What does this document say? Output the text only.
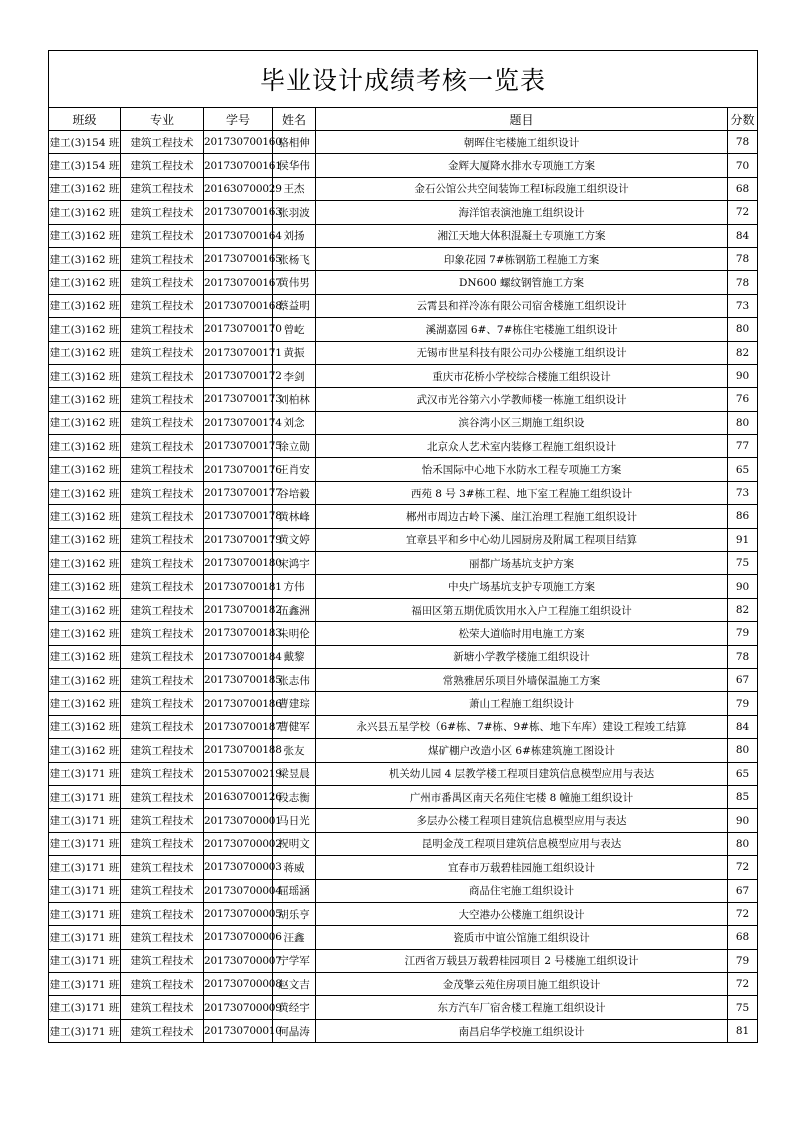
毕业设计成绩考核一览表					
班级	专业	学号	姓名	题目	分数
建工(3)154 班	建筑工程技术	201730700160	骆相伸	朝晖住宅楼施工组织设计	78
建工(3)154 班	建筑工程技术	201730700161	侯华伟	金辉大厦降水排水专项施工方案	70
建工(3)162 班	建筑工程技术	201630700029	王杰	金石公馆公共空间装饰工程Ⅰ标段施工组织设计	68
建工(3)162 班	建筑工程技术	201730700163	张羽波	海洋馆表演池施工组织设计	72
建工(3)162 班	建筑工程技术	201730700164	刘扬	湘江天地大体积混凝土专项施工方案	84
建工(3)162 班	建筑工程技术	201730700165	张杨飞	印象花园 7#栋钢筋工程施工方案	78
建工(3)162 班	建筑工程技术	201730700167	黄伟男	DN600 螺纹钢管施工方案	78
建工(3)162 班	建筑工程技术	201730700168	蔡益明	云霄县和祥冷冻有限公司宿舍楼施工组织设计	73
建工(3)162 班	建筑工程技术	201730700170	曾屹	溪湖嘉园 6#、7#栋住宅楼施工组织设计	80
建工(3)162 班	建筑工程技术	201730700171	黄振	无锡市世星科技有限公司办公楼施工组织设计	82
建工(3)162 班	建筑工程技术	201730700172	李剑	重庆市花桥小学校综合楼施工组织设计	90
建工(3)162 班	建筑工程技术	201730700173	刘柏林	武汉市光谷第六小学教师楼一栋施工组织设计	76
建工(3)162 班	建筑工程技术	201730700174	刘念	滨谷湾小区三期施工组织设	80
建工(3)162 班	建筑工程技术	201730700175	徐立勋	北京众人艺术室内装修工程施工组织设计	77
建工(3)162 班	建筑工程技术	201730700176	王肖安	怡禾国际中心地下水防水工程专项施工方案	65
建工(3)162 班	建筑工程技术	201730700177	谷培毅	西苑 8 号 3#栋工程、地下室工程施工组织设计	73
建工(3)162 班	建筑工程技术	201730700178	黄林峰	郴州市周边古岭下溪、崖江治理工程施工组织设计	86
建工(3)162 班	建筑工程技术	201730700179	黄文婷	宜章县平和乡中心幼儿园厨房及附属工程项目结算	91
建工(3)162 班	建筑工程技术	201730700180	宋鸿宇	丽都广场基坑支护方案	75
建工(3)162 班	建筑工程技术	201730700181	方伟	中央广场基坑支护专项施工方案	90
建工(3)162 班	建筑工程技术	201730700182	伍鑫洲	福田区第五期优质饮用水入户工程施工组织设计	82
建工(3)162 班	建筑工程技术	201730700183	朱明伦	松荣大道临时用电施工方案	79
建工(3)162 班	建筑工程技术	201730700184	戴黎	新塘小学教学楼施工组织设计	78
建工(3)162 班	建筑工程技术	201730700185	张志伟	常熟雅居乐项目外墙保温施工方案	67
建工(3)162 班	建筑工程技术	201730700186	曹建琮	萧山工程施工组织设计	79
建工(3)162 班	建筑工程技术	201730700187	曹健军	永兴县五星学校（6#栋、7#栋、9#栋、地下车库）建设工程竣工结算	84
建工(3)162 班	建筑工程技术	201730700188	张友	煤矿棚户改造小区 6#栋建筑施工图设计	80
建工(3)171 班	建筑工程技术	201530700219	梁昱晨	机关幼儿园 4 层教学楼工程项目建筑信息模型应用与表达	65
建工(3)171 班	建筑工程技术	201630700126	段志衡	广州市番禺区南天名苑住宅楼 8 幢施工组织设计	85
建工(3)171 班	建筑工程技术	201730700001	马日光	多层办公楼工程项目建筑信息模型应用与表达	90
建工(3)171 班	建筑工程技术	201730700002	祝明文	昆明金茂工程项目建筑信息模型应用与表达	80
建工(3)171 班	建筑工程技术	201730700003	蒋威	宜春市万载碧桂园施工组织设计	72
建工(3)171 班	建筑工程技术	201730700004	屈瑶涵	商品住宅施工组织设计	67
建工(3)171 班	建筑工程技术	201730700005	胡乐亨	大空港办公楼施工组织设计	72
建工(3)171 班	建筑工程技术	201730700006	汪鑫	瓷质市中谊公馆施工组织设计	68
建工(3)171 班	建筑工程技术	201730700007	宁学军	江西省万载县万载碧桂园项目 2 号楼施工组织设计	79
建工(3)171 班	建筑工程技术	201730700008	赵文吉	金茂擎云苑住房项目施工组织设计	72
建工(3)171 班	建筑工程技术	201730700009	黄经宇	东方汽车厂宿舍楼工程施工组织设计	75
建工(3)171 班	建筑工程技术	201730700010	何晶涛	南昌启华学校施工组织设计	81
